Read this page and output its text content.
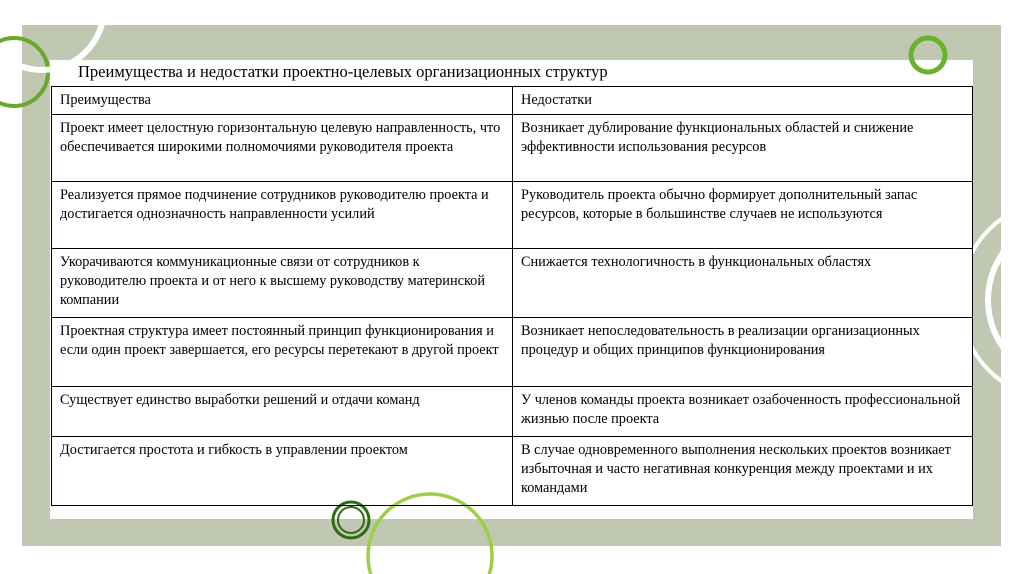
Преимущества и недостатки проектно-целевых организационных структур
Преимущества	Недостатки
Проект имеет целостную горизонтальную целевую направленность, что обеспечивается широкими полномочиями руководителя проекта	Возникает дублирование функциональных областей и снижение эффективности использования ресурсов
Реализуется прямое подчинение сотрудников руководителю проекта и достигается однозначность направленности усилий	Руководитель проекта обычно формирует дополнительный запас ресурсов, которые в большинстве случаев не используются
Укорачиваются коммуникационные связи от сотрудников к руководителю проекта и от него к высшему руководству материнской компании	Снижается технологичность в функциональных областях
Проектная структура имеет постоянный принцип функционирования и если один проект завершается, его ресурсы перетекают в другой проект	Возникает непоследовательность в реализации организационных процедур и общих принципов функционирования
Существует единство выработки решений и отдачи команд	У членов команды проекта возникает озабоченность профессиональной жизнью после проекта
Достигается простота и гибкость в управлении проектом	В случае одновременного выполнения нескольких проектов возникает избыточная и часто негативная конкуренция между проектами и их командами
